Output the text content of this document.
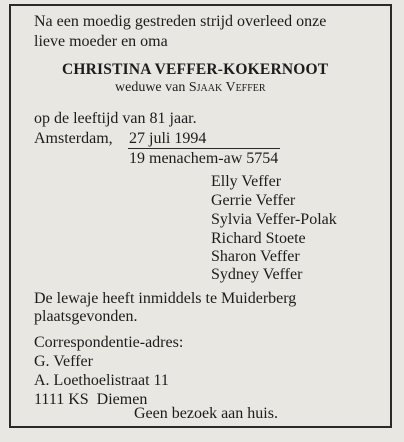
Na een moedig gestreden strijd overleed onze
lieve moeder en oma
CHRISTINA VEFFER-KOKERNOOT
weduwe van Sjaak Veffer
op de leeftijd van 81 jaar.
Amsterdam, 27 juli 1994
19 menachem-aw 5754
Elly Veffer
Gerrie Veffer
Sylvia Veffer-Polak
Richard Stoete
Sharon Veffer
Sydney Veffer
De lewaje heeft inmiddels te Muiderberg
plaatsgevonden.
Correspondentie-adres:
G. Veffer
A. Loethoelistraat 11
1111 KS  Diemen
Geen bezoek aan huis.
